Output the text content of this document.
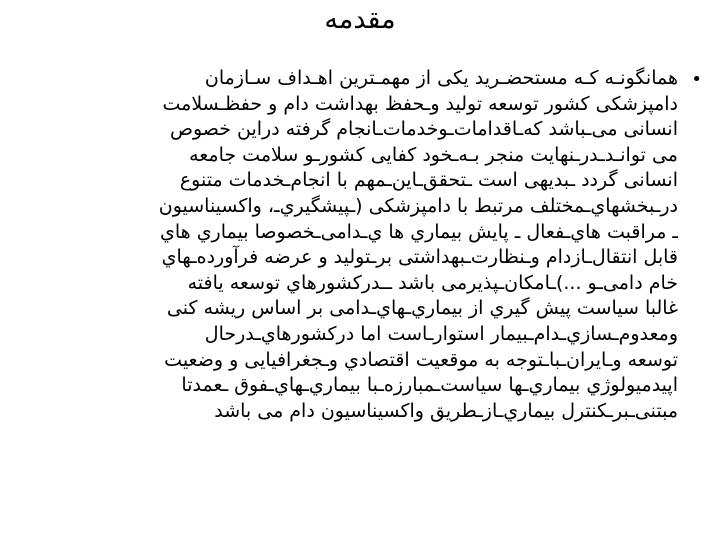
مقدمه
•
همانگونـه کـه مستحضـريد يکی از مهمـترين اهـداف سـازمان
دامپزشکی کشور توسعه توليد وـحفظ بهداشت دام و حفظـسلامت
انسانی می‌ـباشد که‌ـاقدامات‌ـوخدمات‌ـانجام گرفته دراين خصوص
می توانـد‌ـدرـنهايت منجر بـه‌ـخود کفايی کشورـو سلامت جامعه
انسانی گردد ـبديهی است ـتحقق‌ـاين‌ـمهم با انجام‌ـخدمات متنوع
درـبخشهاي‌ـمختلف مرتبط با دامپزشکی (ـپيشگيري‌ـ، واکسيناسيون
ـ مراقبت هاي‌ـفعال ـ پايش بيماري ها ي‌ـدامی‌ـخصوصا بيماري هاي
قابل انتقال‌ـازدام وـنظارت‌ـبهداشتی برـتوليد و عرضه فرآورده‌ـهاي
خام دامی‌ـو ...)‌ـامکان‌ـپذيرمی باشد ـ‌ـدرکشورهاي توسعه يافته
غالبا سياست پيش گيري از بيماري‌ـهاي‌ـدامی بر اساس ريشه کنی
ومعدوم‌ـسازي‌ـدام‌ـبيمار استوار‌ـاست اما درکشورهاي‌ـدرحال
توسعه وـايران‌ـباـتوجه به موقعيت اقتصادي وـجغرافيايی و وضعيت
اپيدميولوژي بيماري‌ـها سياست‌ـمبارزه‌ـبا بيماري‌ـهاي‌ـفوق ـعمدتا
مبتنی‌ـبرـکنترل بيماري‌ـازـطريق واکسيناسيون دام می باشد
